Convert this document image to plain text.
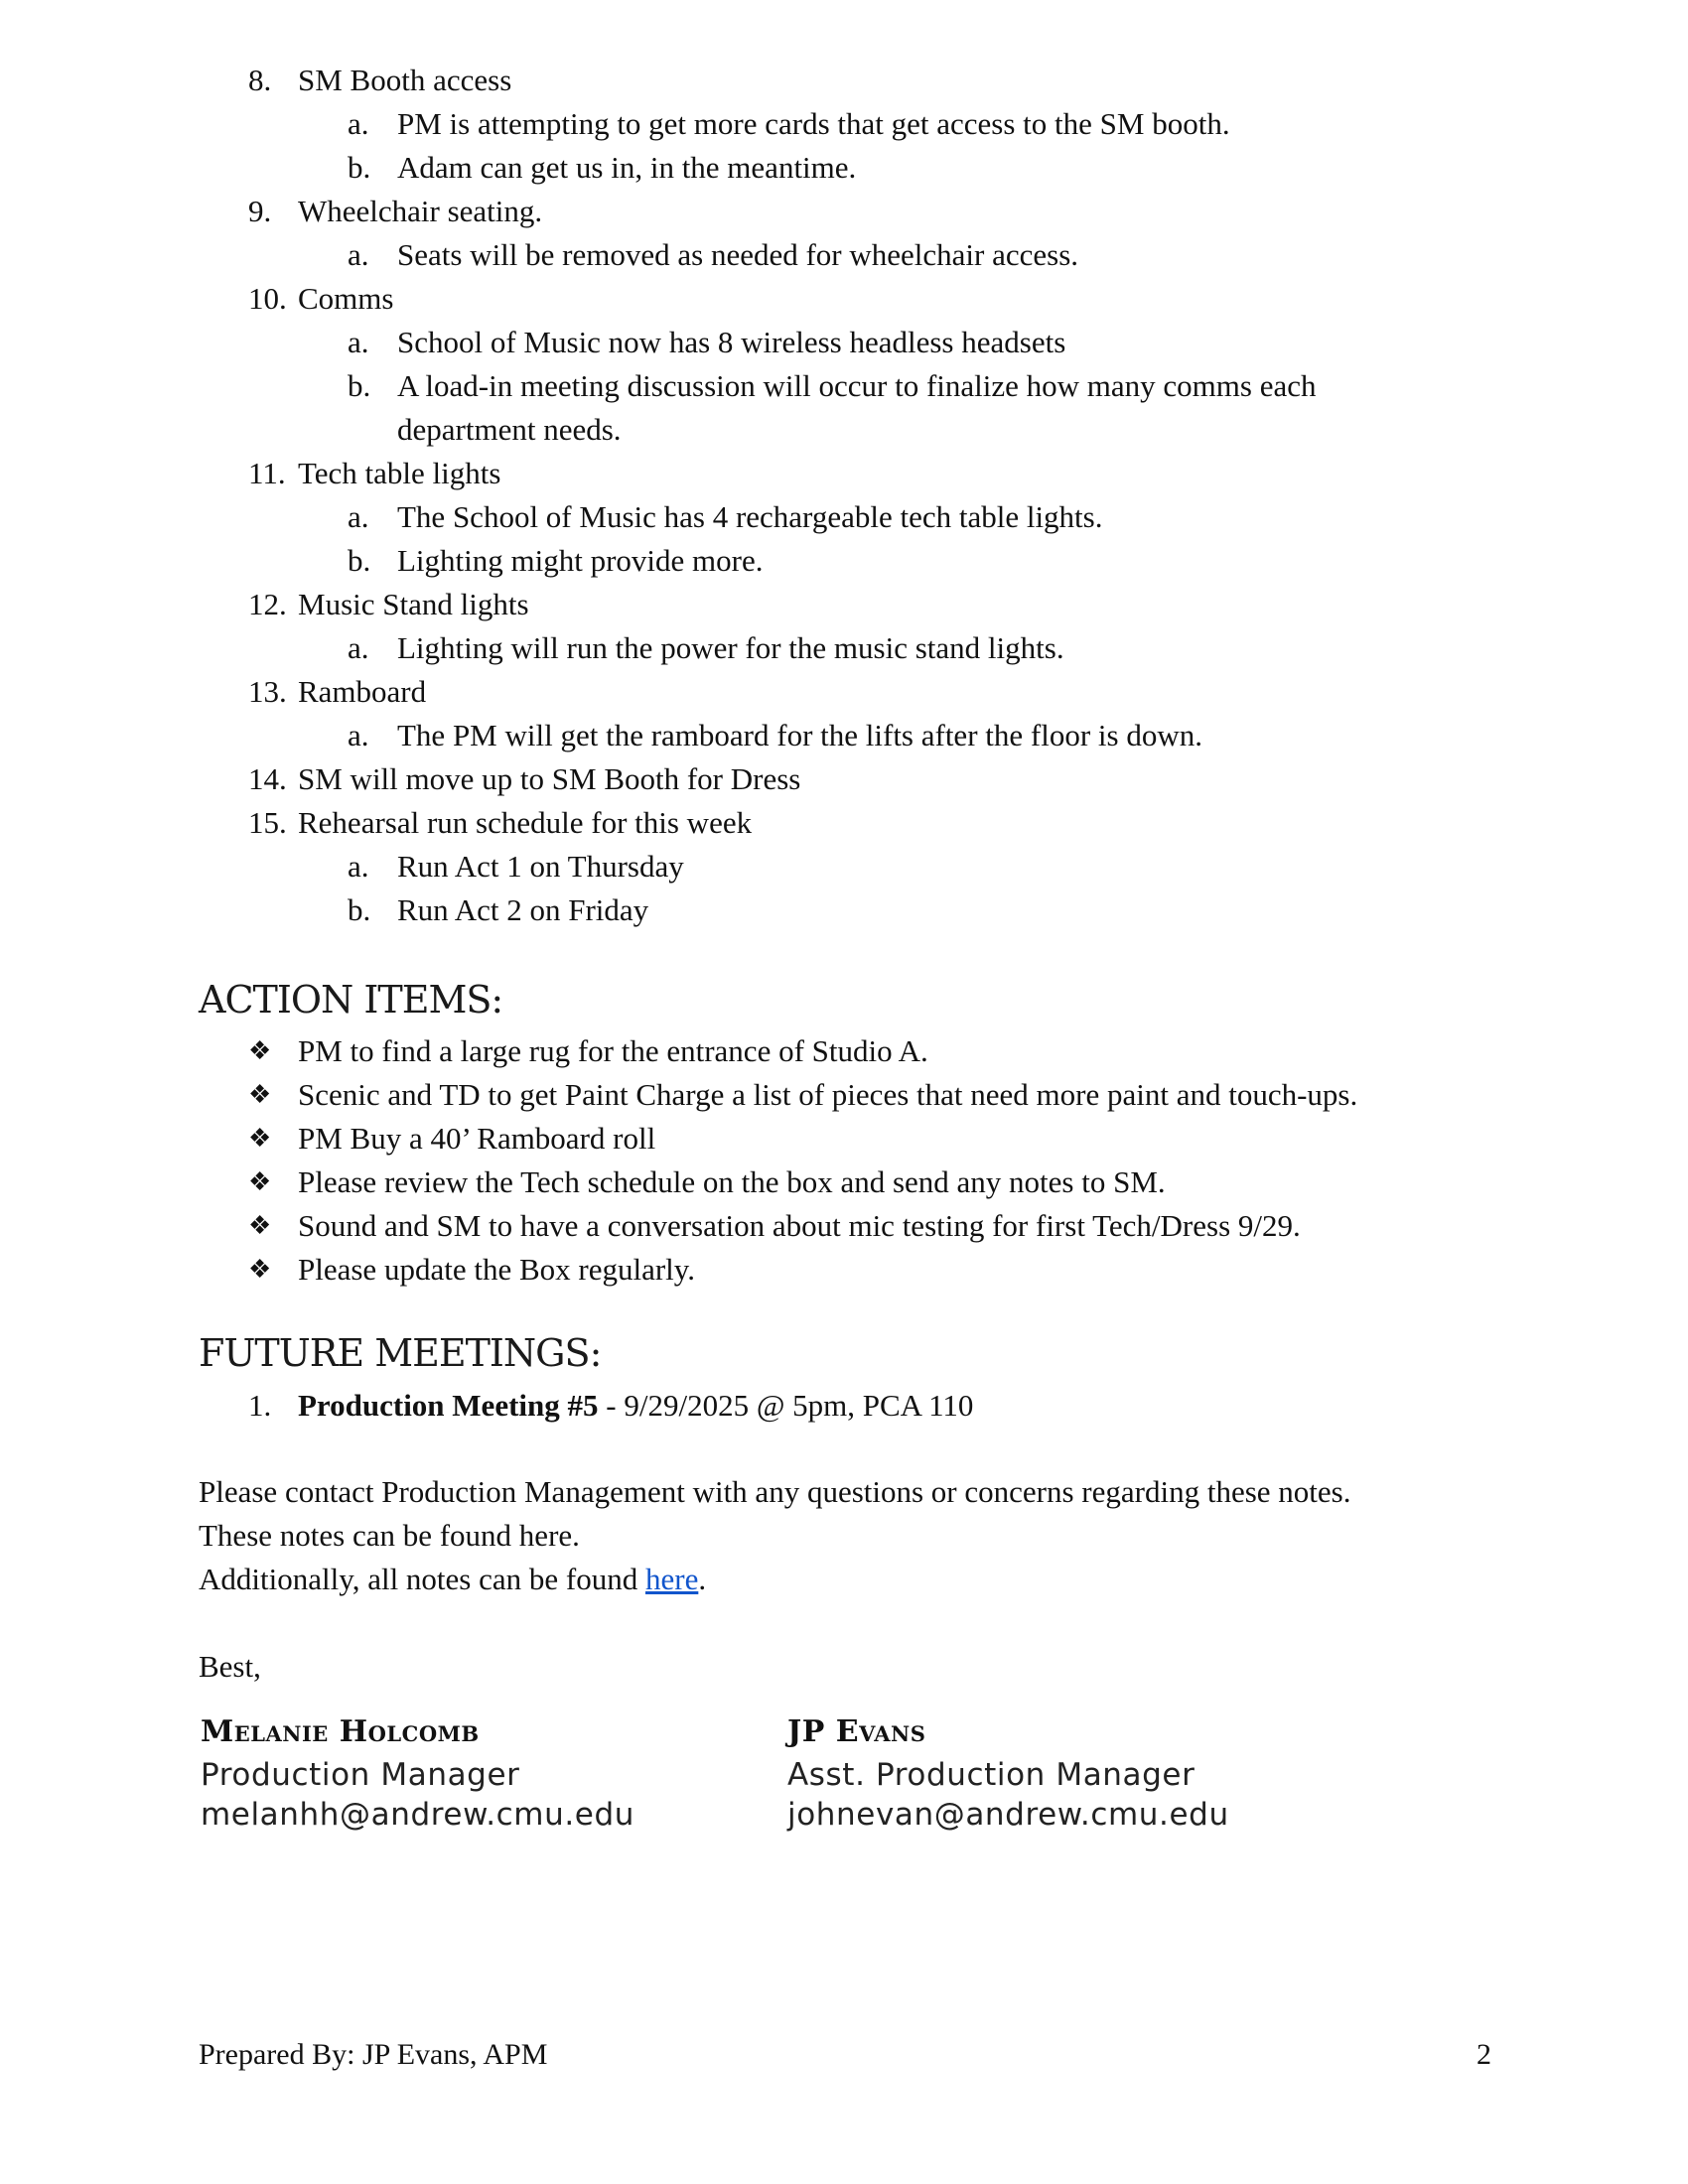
8. SM Booth access
a. PM is attempting to get more cards that get access to the SM booth.
b. Adam can get us in, in the meantime.
9. Wheelchair seating.
a. Seats will be removed as needed for wheelchair access.
10. Comms
a. School of Music now has 8 wireless headless headsets
b. A load-in meeting discussion will occur to finalize how many comms each
department needs.
11. Tech table lights
a. The School of Music has 4 rechargeable tech table lights.
b. Lighting might provide more.
12. Music Stand lights
a. Lighting will run the power for the music stand lights.
13. Ramboard
a. The PM will get the ramboard for the lifts after the floor is down.
14. SM will move up to SM Booth for Dress
15. Rehearsal run schedule for this week
a. Run Act 1 on Thursday
b. Run Act 2 on Friday
ACTION ITEMS:
❖ PM to find a large rug for the entrance of Studio A.
❖ Scenic and TD to get Paint Charge a list of pieces that need more paint and touch-ups.
❖ PM Buy a 40’ Ramboard roll
❖ Please review the Tech schedule on the box and send any notes to SM.
❖ Sound and SM to have a conversation about mic testing for first Tech/Dress 9/29.
❖ Please update the Box regularly.
FUTURE MEETINGS:
1. Production Meeting #5 - 9/29/2025 @ 5pm, PCA 110
Please contact Production Management with any questions or concerns regarding these notes.
These notes can be found here.
Additionally, all notes can be found here.
Best,
Melanie Holcomb
Production Manager
melanhh@andrew.cmu.edu
JP Evans
Asst. Production Manager
johnevan@andrew.cmu.edu
Prepared By: JP Evans, APM	2
